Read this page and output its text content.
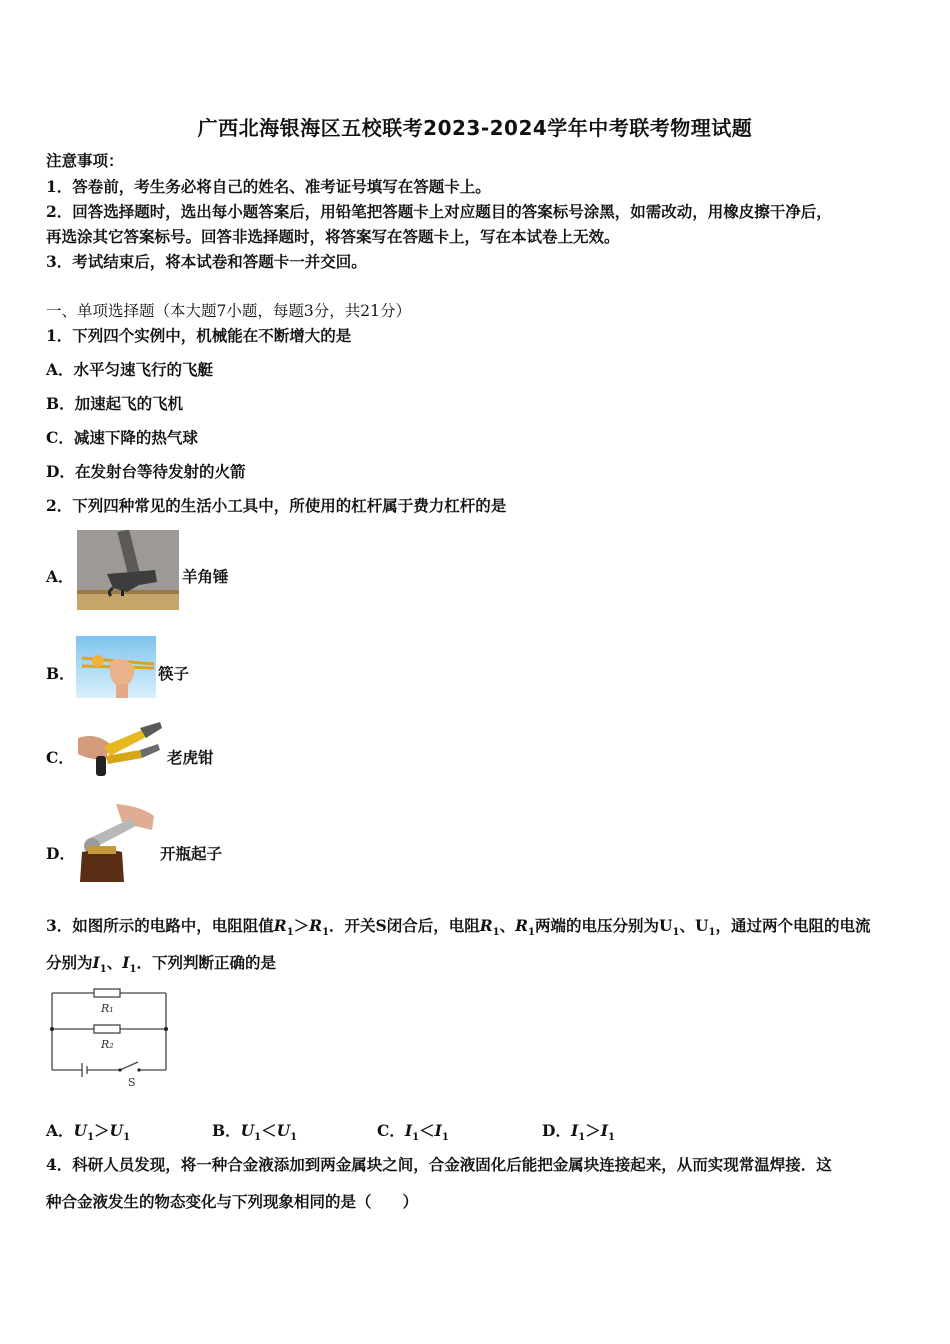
广西北海银海区五校联考2023-2024学年中考联考物理试题
注意事项：
1．答卷前，考生务必将自己的姓名、准考证号填写在答题卡上。
2．回答选择题时，选出每小题答案后，用铅笔把答题卡上对应题目的答案标号涂黑，如需改动，用橡皮擦干净后，
再选涂其它答案标号。回答非选择题时，将答案写在答题卡上，写在本试卷上无效。
3．考试结束后，将本试卷和答题卡一并交回。
一、单项选择题（本大题7小题，每题3分，共21分）
1．下列四个实例中，机械能在不断增大的是
A．水平匀速飞行的飞艇
B．加速起飞的飞机
C．减速下降的热气球
D．在发射台等待发射的火箭
2．下列四种常见的生活小工具中，所使用的杠杆属于费力杠杆的是
A．	羊角锤
B．	筷子
C．	老虎钳
D．	开瓶起子
3．如图所示的电路中，电阻阻值$R_1>R_1$．开关S闭合后，电阻$R_1$、$R_1$两端的电压分别为$U_1$、$U_1$，通过两个电阻的电流
分别为$I_1$、$I_1$．下列判断正确的是
R₁
R₂
S
A．$U_1>U_1$	B．$U_1<U_1$	C．$I_1<I_1$	D．$I_1>I_1$
4．科研人员发现，将一种合金液添加到两金属块之间，合金液固化后能把金属块连接起来，从而实现常温焊接．这
种合金液发生的物态变化与下列现象相同的是（　　）
